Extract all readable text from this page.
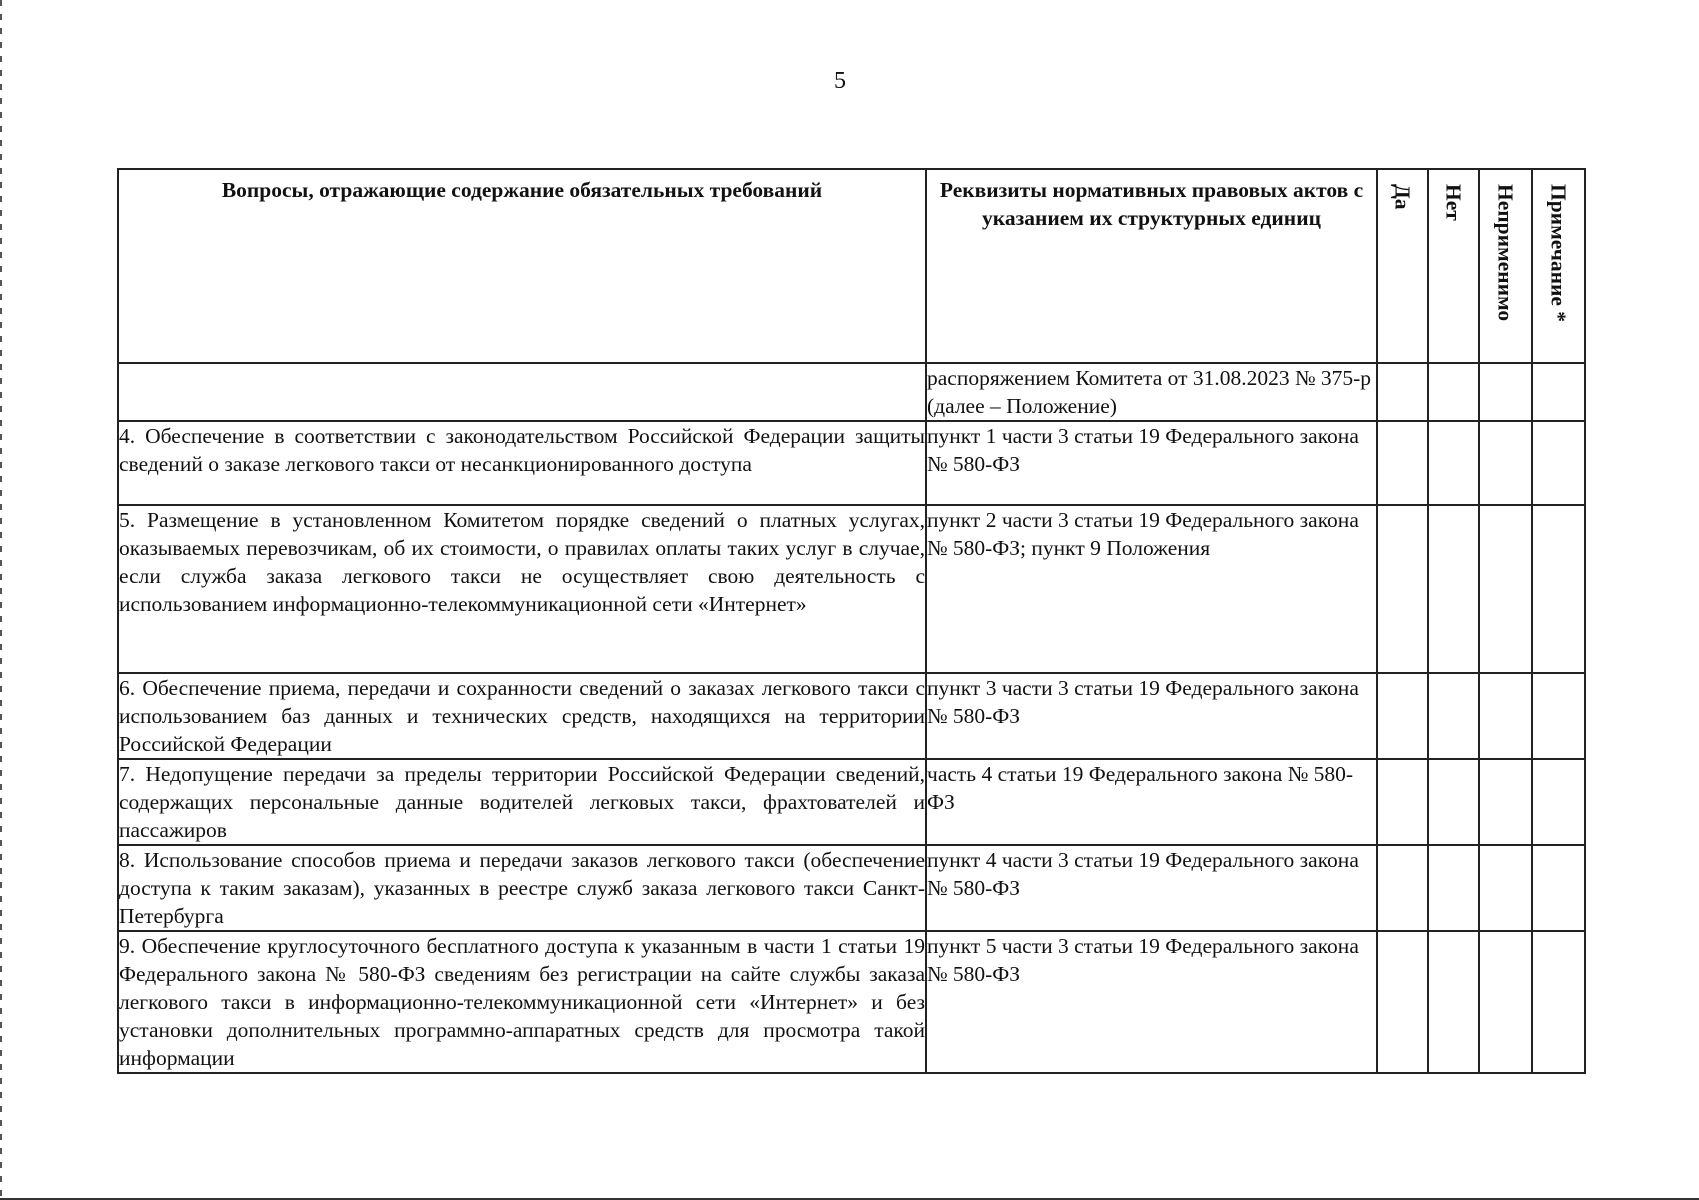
5
Вопросы, отражающие содержание обязательных требований	Реквизиты нормативных правовых актов с указанием их структурных единиц	Да	Нет	Неприменимо	Примечание *

	распоряжением Комитета от 31.08.2023 № 375-р (далее – Положение)				
4. Обеспечение в соответствии с законодательством Российской Федерации защиты сведений о заказе легкового такси от несанкционированного доступа	пункт 1 части 3 статьи 19 Федерального закона № 580-ФЗ				
5. Размещение в установленном Комитетом порядке сведений о платных услугах, оказываемых перевозчикам, об их стоимости, о правилах оплаты таких услуг в случае, если служба заказа легкового такси не осуществляет свою деятельность с использованием информационно-телекоммуникационной сети «Интернет»	пункт 2 части 3 статьи 19 Федерального закона № 580-ФЗ; пункт 9 Положения				
6. Обеспечение приема, передачи и сохранности сведений о заказах легкового такси с использованием баз данных и технических средств, находящихся на территории Российской Федерации	пункт 3 части 3 статьи 19 Федерального закона № 580-ФЗ				
7. Недопущение передачи за пределы территории Российской Федерации сведений, содержащих персональные данные водителей легковых такси, фрахтователей и пассажиров	часть 4 статьи 19 Федерального закона № 580-ФЗ				
8. Использование способов приема и передачи заказов легкового такси (обеспечение доступа к таким заказам), указанных в реестре служб заказа легкового такси Санкт-Петербурга	пункт 4 части 3 статьи 19 Федерального закона № 580-ФЗ				
9. Обеспечение круглосуточного бесплатного доступа к указанным в части 1 статьи 19 Федерального закона № 580-ФЗ сведениям без регистрации на сайте службы заказа легкового такси в информационно-телекоммуникационной сети «Интернет» и без установки дополнительных программно-аппаратных средств для просмотра такой информации	пункт 5 части 3 статьи 19 Федерального закона № 580-ФЗ				
